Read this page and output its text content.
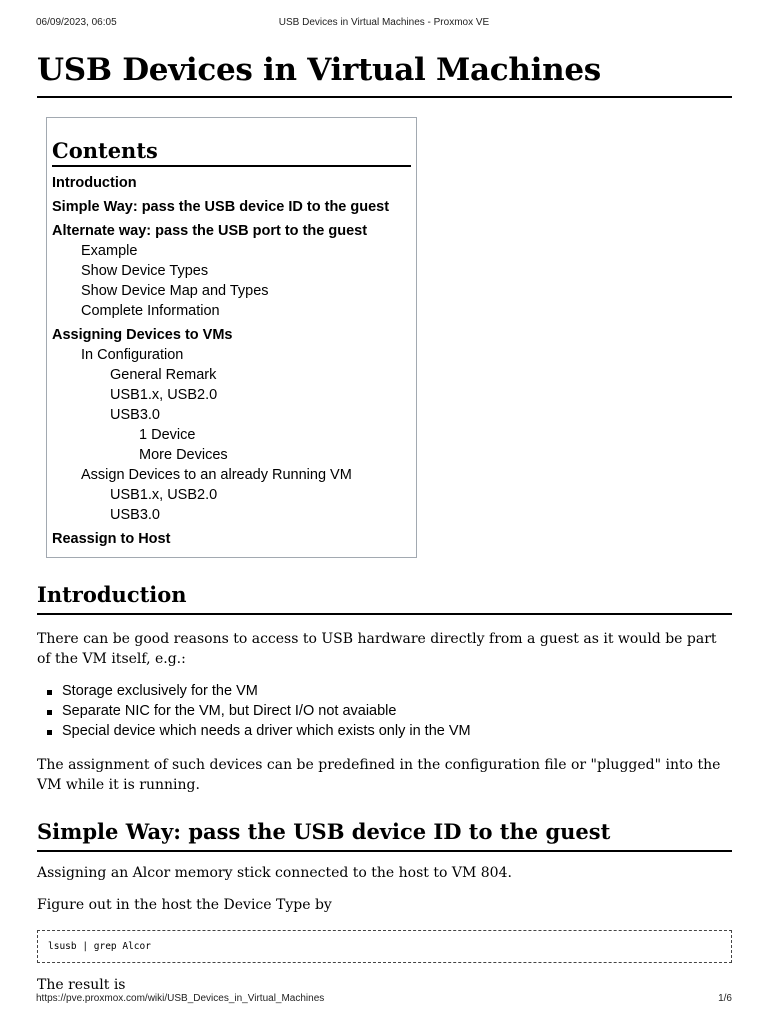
06/09/2023, 06:05	USB Devices in Virtual Machines - Proxmox VE
USB Devices in Virtual Machines
Contents
Introduction
Simple Way: pass the USB device ID to the guest
Alternate way: pass the USB port to the guest
Example
Show Device Types
Show Device Map and Types
Complete Information
Assigning Devices to VMs
In Configuration
General Remark
USB1.x, USB2.0
USB3.0
1 Device
More Devices
Assign Devices to an already Running VM
USB1.x, USB2.0
USB3.0
Reassign to Host
Introduction

There can be good reasons to access to USB hardware directly from a guest as it would be part of the VM itself, e.g.:

Storage exclusively for the VM
Separate NIC for the VM, but Direct I/O not avaiable
Special device which needs a driver which exists only in the VM

The assignment of such devices can be predefined in the configuration file or "plugged" into the VM while it is running.

Simple Way: pass the USB device ID to the guest

Assigning an Alcor memory stick connected to the host to VM 804.

Figure out in the host the Device Type by

lsusb | grep Alcor

The result is

https://pve.proxmox.com/wiki/USB_Devices_in_Virtual_Machines	1/6
